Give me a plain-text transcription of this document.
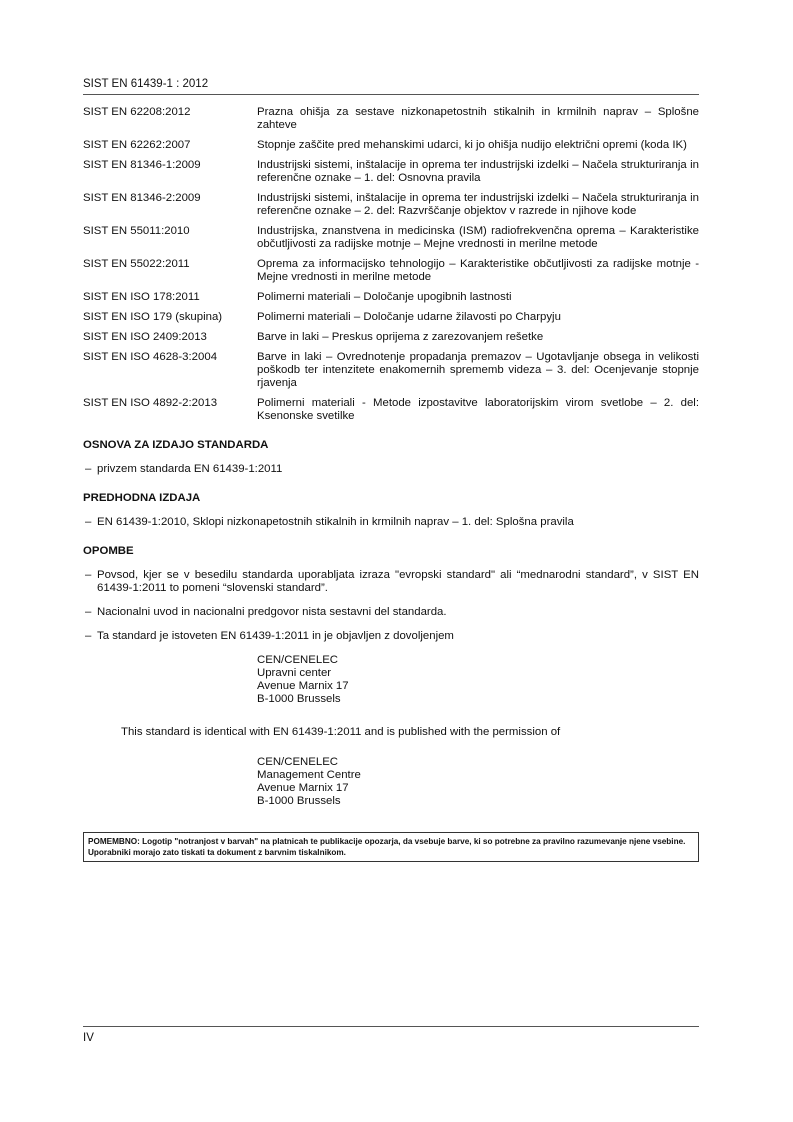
SIST EN 61439-1 : 2012
SIST EN 62208:2012	Prazna ohišja za sestave nizkonapetostnih stikalnih in krmilnih naprav – Splošne zahteve
SIST EN 62262:2007	Stopnje zaščite pred mehanskimi udarci, ki jo ohišja nudijo električni opremi (koda IK)
SIST EN 81346-1:2009	Industrijski sistemi, inštalacije in oprema ter industrijski izdelki – Načela strukturiranja in referenčne oznake – 1. del: Osnovna pravila
SIST EN 81346-2:2009	Industrijski sistemi, inštalacije in oprema ter industrijski izdelki – Načela strukturiranja in referenčne oznake – 2. del: Razvrščanje objektov v razrede in njihove kode
SIST EN 55011:2010	Industrijska, znanstvena in medicinska (ISM) radiofrekvenčna oprema – Karakteristike občutljivosti za radijske motnje – Mejne vrednosti in merilne metode
SIST EN 55022:2011	Oprema za informacijsko tehnologijo – Karakteristike občutljivosti za radijske motnje - Mejne vrednosti in merilne metode
SIST EN ISO 178:2011	Polimerni materiali – Določanje upogibnih lastnosti
SIST EN ISO 179 (skupina)	Polimerni materiali – Določanje udarne žilavosti po Charpyju
SIST EN ISO 2409:2013	Barve in laki – Preskus oprijema z zarezovanjem rešetke
SIST EN ISO 4628-3:2004	Barve in laki – Ovrednotenje propadanja premazov – Ugotavljanje obsega in velikosti poškodb ter intenzitete enakomernih sprememb videza – 3. del: Ocenjevanje stopnje rjavenja
SIST EN ISO 4892-2:2013	Polimerni materiali - Metode izpostavitve laboratorijskim virom svetlobe – 2. del: Ksenonske svetilke
OSNOVA ZA IZDAJO STANDARDA
– privzem standarda EN 61439-1:2011
PREDHODNA IZDAJA
– EN 61439-1:2010, Sklopi nizkonapetostnih stikalnih in krmilnih naprav – 1. del: Splošna pravila
OPOMBE
– Povsod, kjer se v besedilu standarda uporabljata izraza "evropski standard" ali “mednarodni standard”, v SIST EN 61439-1:2011 to pomeni “slovenski standard”.
– Nacionalni uvod in nacionalni predgovor nista sestavni del standarda.
– Ta standard je istoveten EN 61439-1:2011 in je objavljen z dovoljenjem
CEN/CENELEC
Upravni center
Avenue Marnix 17
B-1000 Brussels
This standard is identical with EN 61439-1:2011 and is published with the permission of
CEN/CENELEC
Management Centre
Avenue Marnix 17
B-1000 Brussels
POMEMBNO: Logotip "notranjost v barvah" na platnicah te publikacije opozarja, da vsebuje barve, ki so potrebne za pravilno razumevanje njene vsebine. Uporabniki morajo zato tiskati ta dokument z barvnim tiskalnikom.
IV
